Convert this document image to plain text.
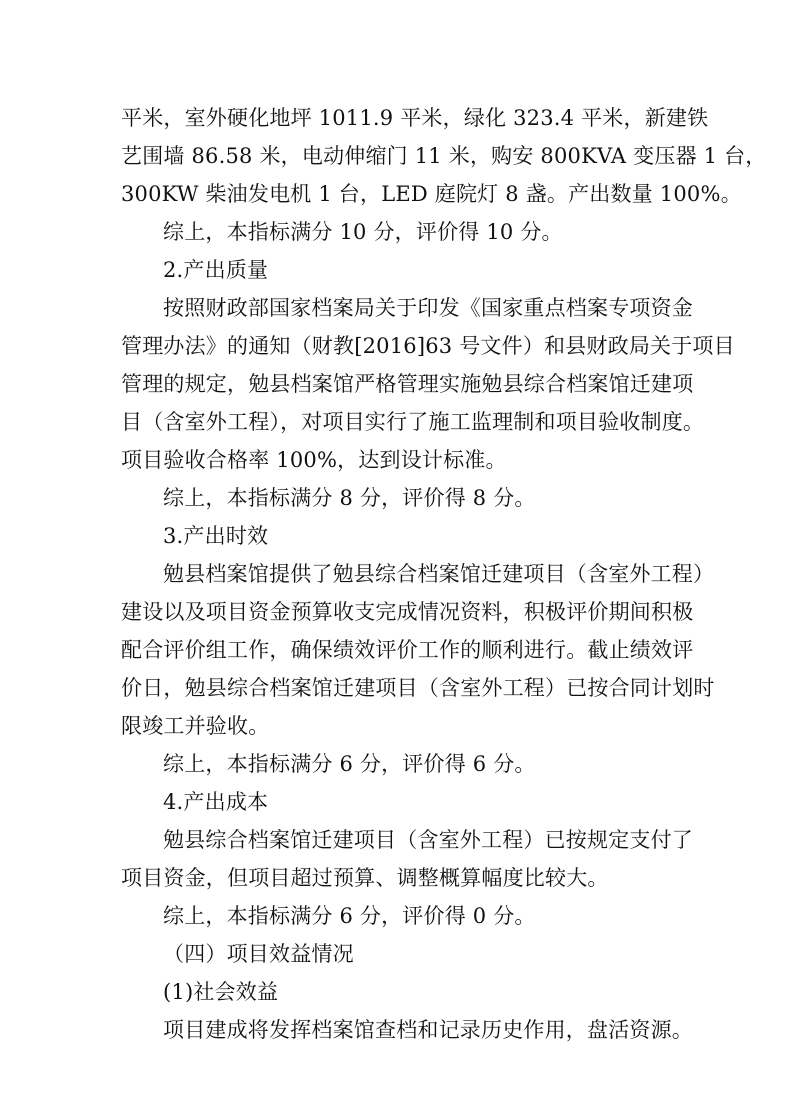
平米，室外硬化地坪 1011.9 平米，绿化 323.4 平米，新建铁
艺围墙 86.58 米，电动伸缩门 11 米，购安 800KVA 变压器 1 台，
300KW 柴油发电机 1 台，LED 庭院灯 8 盏。产出数量 100%。
综上，本指标满分 10 分，评价得 10 分。
2.产出质量
按照财政部国家档案局关于印发《国家重点档案专项资金
管理办法》的通知（财教[2016]63 号文件）和县财政局关于项目
管理的规定，勉县档案馆严格管理实施勉县综合档案馆迁建项
目（含室外工程），对项目实行了施工监理制和项目验收制度。
项目验收合格率 100%，达到设计标准。
综上，本指标满分 8 分，评价得 8 分。
3.产出时效
勉县档案馆提供了勉县综合档案馆迁建项目（含室外工程）
建设以及项目资金预算收支完成情况资料，积极评价期间积极
配合评价组工作，确保绩效评价工作的顺利进行。截止绩效评
价日，勉县综合档案馆迁建项目（含室外工程）已按合同计划时
限竣工并验收。
综上，本指标满分 6 分，评价得 6 分。
4.产出成本
勉县综合档案馆迁建项目（含室外工程）已按规定支付了
项目资金，但项目超过预算、调整概算幅度比较大。
综上，本指标满分 6 分，评价得 0 分。
（四）项目效益情况
(1)社会效益
项目建成将发挥档案馆查档和记录历史作用，盘活资源。
